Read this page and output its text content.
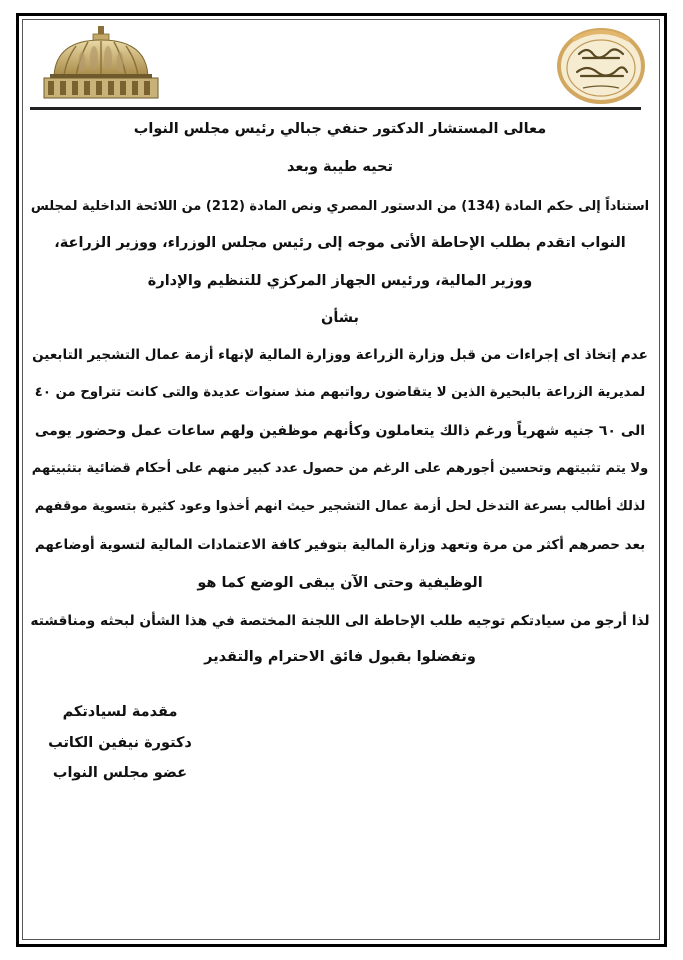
نيفين الكاتب
معالى المستشار الدكتور حنفي جبالي رئيس مجلس النواب
تحيه طيبة وبعد
استناداً إلى حكم المادة (134) من الدستور المصري ونص المادة (212) من اللائحة الداخلية لمجلس
النواب اتقدم بطلب الإحاطة الأتى موجه إلى رئيس مجلس الوزراء، ووزير الزراعة،
ووزير المالية، ورئيس الجهاز المركزي للتنظيم والإدارة
بشأن
عدم إتخاذ اى إجراءات من قبل وزارة الزراعة ووزارة المالية لإنهاء أزمة عمال التشجير التابعين
لمديرية الزراعة بالبحيرة الذين لا يتقاضون رواتبهم منذ سنوات عديدة والتى كانت تتراوح من ٤٠
الى ٦٠ جنيه شهرياً ورغم ذالك يتعاملون وكأنهم موظفين ولهم ساعات عمل وحضور يومى
ولا يتم تثبيتهم وتحسين أجورهم على الرغم من حصول عدد كبير منهم على أحكام قضائية بتثبيتهم
لذلك أطالب بسرعة التدخل لحل أزمة عمال التشجير حيث انهم أخذوا وعود كثيرة بتسوية موقفهم
بعد حصرهم أكثر من مرة وتعهد وزارة المالية بتوفير كافة الاعتمادات المالية لتسوية أوضاعهم
الوظيفية وحتى الآن يبقى الوضع كما هو
لذا أرجو من سيادتكم توجيه طلب الإحاطة الى اللجنة المختصة في هذا الشأن لبحثه ومناقشته
وتفضلوا بقبول فائق الاحترام والتقدير
مقدمة لسيادتكم
دكتورة نيفين الكاتب
عضو مجلس النواب
